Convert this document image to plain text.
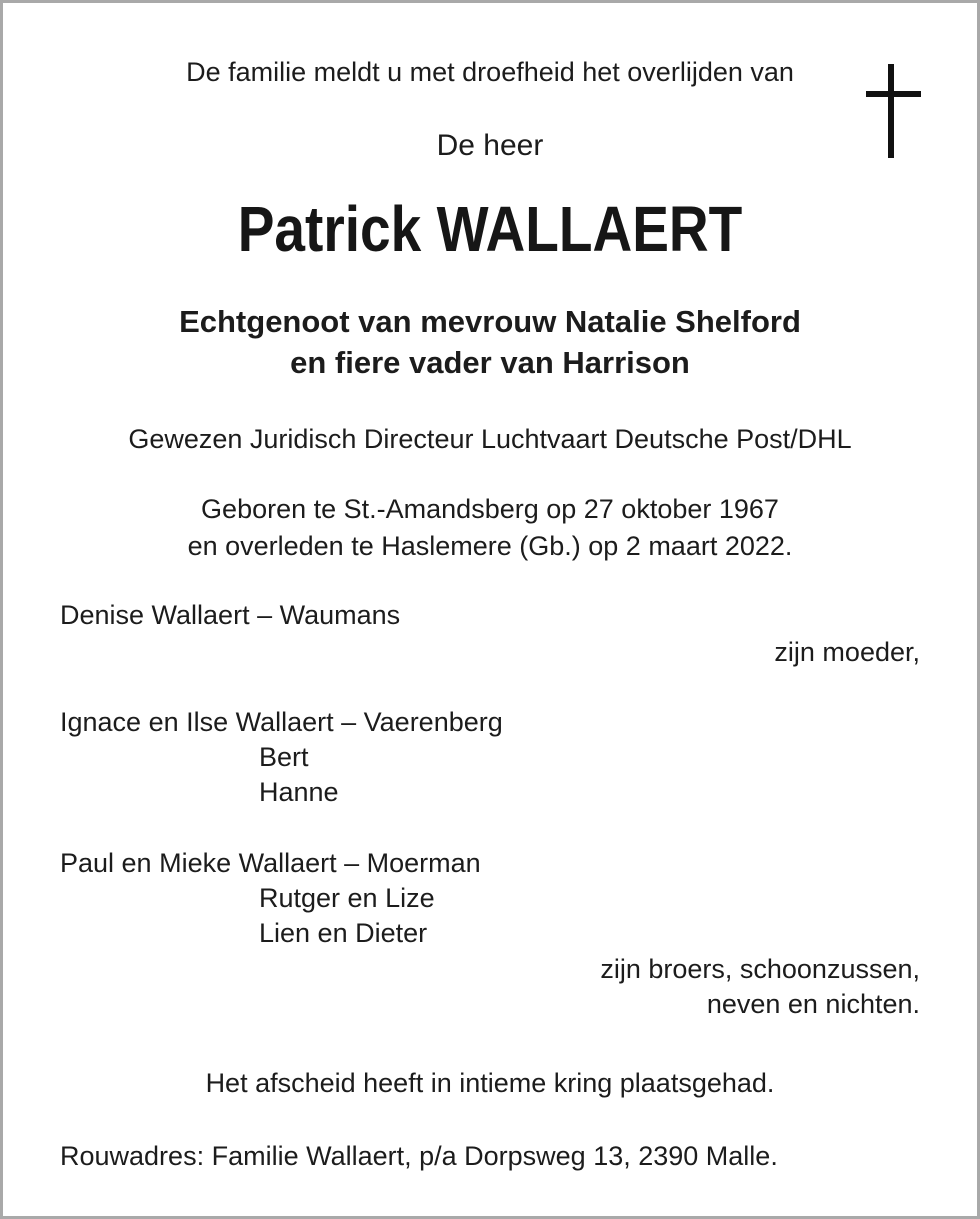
De familie meldt u met droefheid het overlijden van
De heer
Patrick WALLAERT
Echtgenoot van mevrouw Natalie Shelford
en fiere vader van Harrison
Gewezen Juridisch Directeur Luchtvaart Deutsche Post/DHL
Geboren te St.-Amandsberg op 27 oktober 1967
en overleden te Haslemere (Gb.) op 2 maart 2022.
Denise Wallaert – Waumans
zijn moeder,
Ignace en Ilse Wallaert – Vaerenberg
Bert
Hanne
Paul en Mieke Wallaert – Moerman
Rutger en Lize
Lien en Dieter
zijn broers, schoonzussen,
neven en nichten.
Het afscheid heeft in intieme kring plaatsgehad.
Rouwadres: Familie Wallaert, p/a Dorpsweg 13, 2390 Malle.
